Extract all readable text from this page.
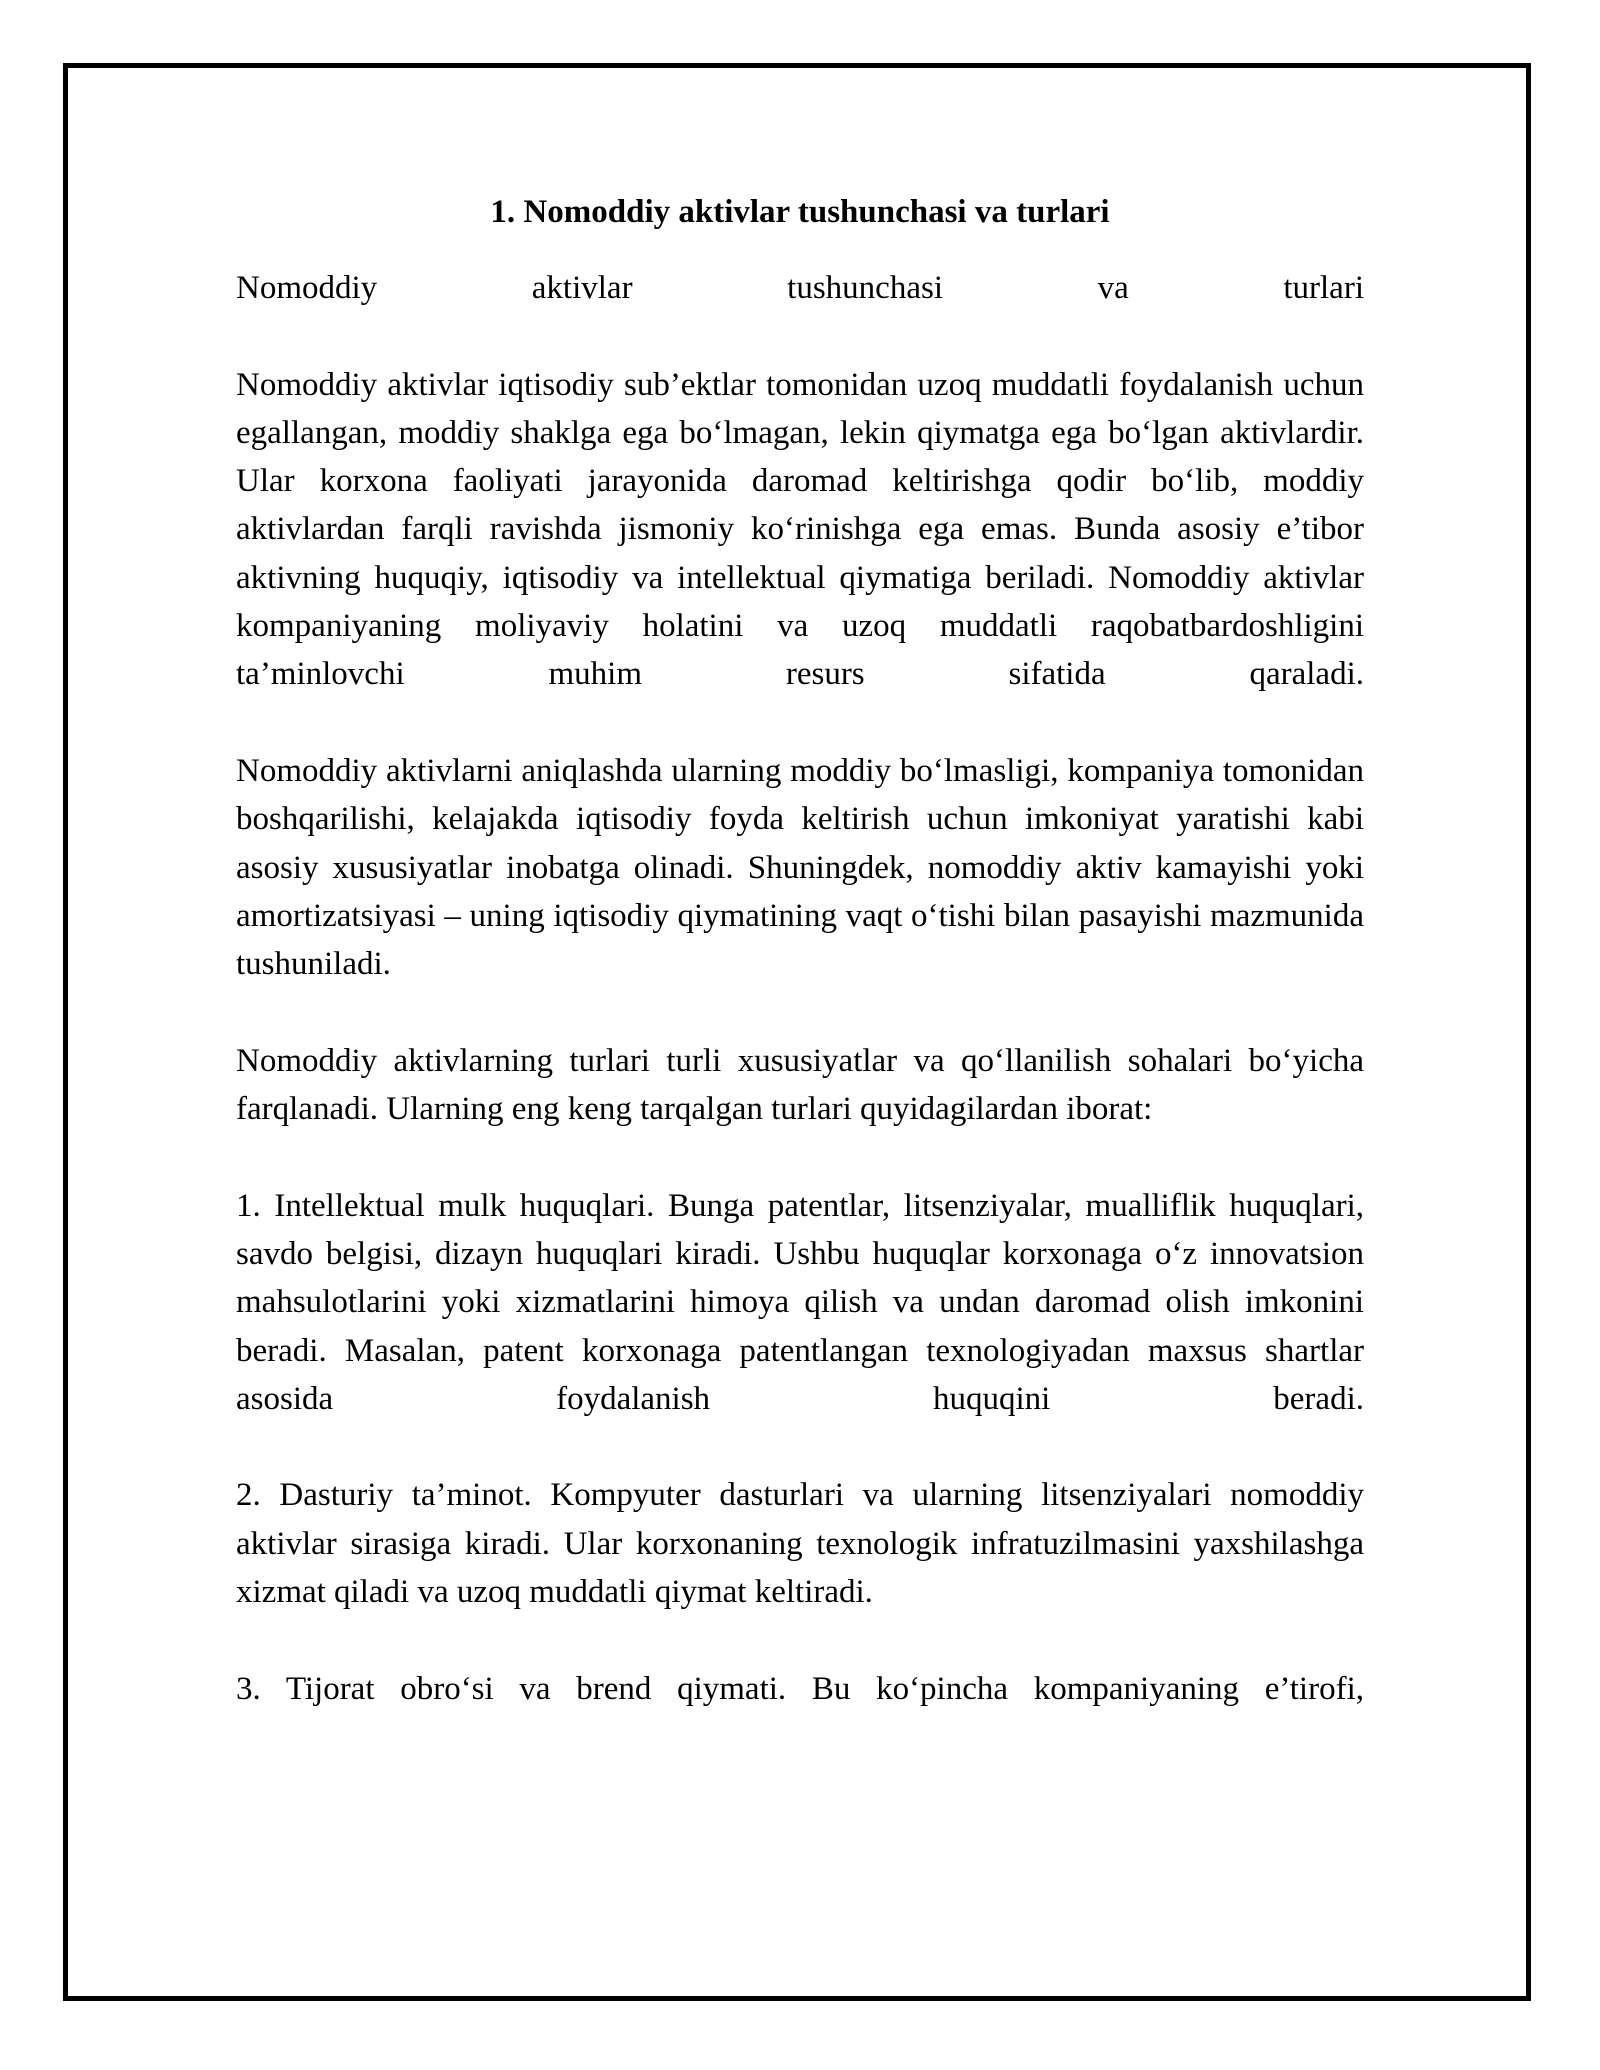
1. Nomoddiy aktivlar tushunchasi va turlari

Nomoddiy aktivlar tushunchasi va turlari

Nomoddiy aktivlar iqtisodiy sub’ektlar tomonidan uzoq muddatli foydalanish uchun egallangan, moddiy shaklga ega boʻlmagan, lekin qiymatga ega boʻlgan aktivlardir. Ular korxona faoliyati jarayonida daromad keltirishga qodir boʻlib, moddiy aktivlardan farqli ravishda jismoniy koʻrinishga ega emas. Bunda asosiy e’tibor aktivning huquqiy, iqtisodiy va intellektual qiymatiga beriladi. Nomoddiy aktivlar kompaniyaning moliyaviy holatini va uzoq muddatli raqobatbardoshligini ta’minlovchi muhim resurs sifatida qaraladi.

Nomoddiy aktivlarni aniqlashda ularning moddiy boʻlmasligi, kompaniya tomonidan boshqarilishi, kelajakda iqtisodiy foyda keltirish uchun imkoniyat yaratishi kabi asosiy xususiyatlar inobatga olinadi. Shuningdek, nomoddiy aktiv kamayishi yoki amortizatsiyasi – uning iqtisodiy qiymatining vaqt oʻtishi bilan pasayishi mazmunida tushuniladi.

Nomoddiy aktivlarning turlari turli xususiyatlar va qoʻllanilish sohalari boʻyicha farqlanadi. Ularning eng keng tarqalgan turlari quyidagilardan iborat:

1. Intellektual mulk huquqlari. Bunga patentlar, litsenziyalar, mualliflik huquqlari, savdo belgisi, dizayn huquqlari kiradi. Ushbu huquqlar korxonaga oʻz innovatsion mahsulotlarini yoki xizmatlarini himoya qilish va undan daromad olish imkonini beradi. Masalan, patent korxonaga patentlangan texnologiyadan maxsus shartlar asosida foydalanish huquqini beradi.

2. Dasturiy ta’minot. Kompyuter dasturlari va ularning litsenziyalari nomoddiy aktivlar sirasiga kiradi. Ular korxonaning texnologik infratuzilmasini yaxshilashga xizmat qiladi va uzoq muddatli qiymat keltiradi.

3. Tijorat obroʻsi va brend qiymati. Bu koʻpincha kompaniyaning e’tirofi,
